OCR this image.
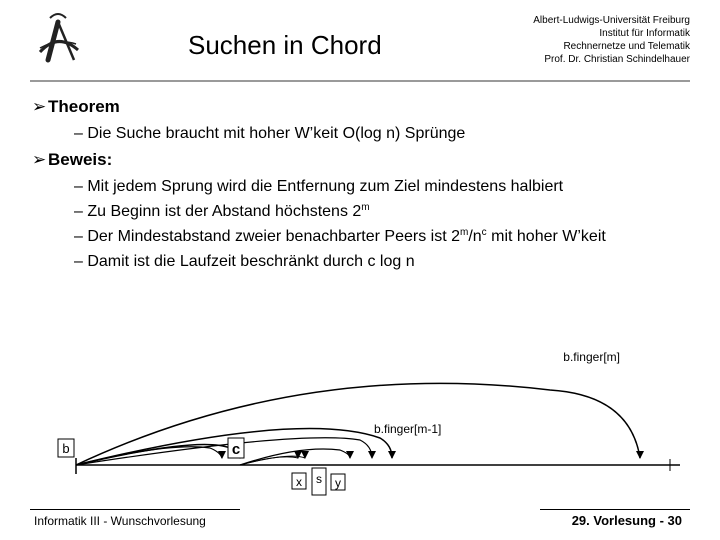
Suchen in Chord
Albert-Ludwigs-Universität Freiburg
Institut für Informatik
Rechnernetze und Telematik
Prof. Dr. Christian Schindelhauer
➢ Theorem
– Die Suche braucht mit hoher W’keit O(log n) Sprünge
➢ Beweis:
– Mit jedem Sprung wird die Entfernung zum Ziel mindestens halbiert
– Zu Beginn ist der Abstand höchstens 2$^m$
– Der Mindestabstand zweier benachbarter Peers ist $2^m/n^c$ mit hoher W’keit
– Damit ist die Laufzeit beschränkt durch c log n
b	c
x s y
b.finger[m]
b.finger[m-1]
Informatik III - Wunschvorlesung	29. Vorlesung - 30
